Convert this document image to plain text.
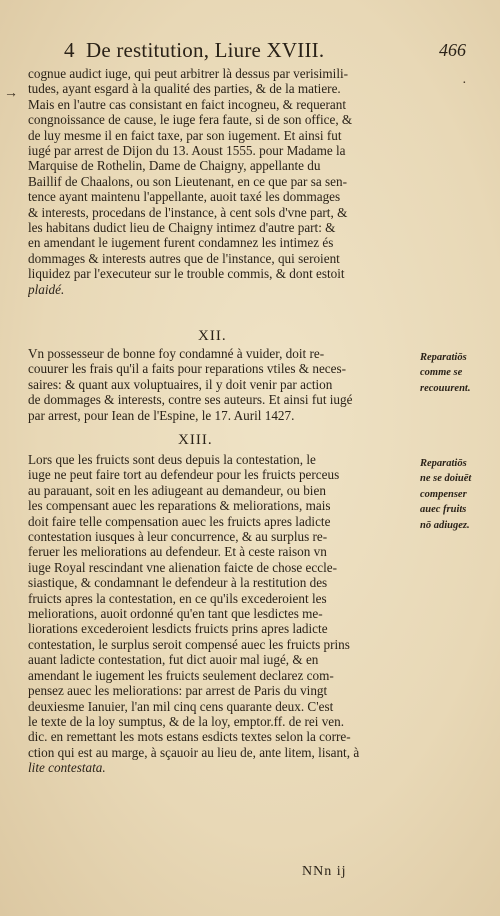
4 De restitution, Liure XVIII.	466
→
·
cognue audict iuge, qui peut arbitrer là dessus par verisimili-
tudes, ayant esgard à la qualité des parties, & de la matiere.
Mais en l'autre cas consistant en faict incogneu, & requerant
congnoissance de cause, le iuge fera faute, si de son office, &
de luy mesme il en faict taxe, par son iugement. Et ainsi fut
iugé par arrest de Dijon du 13. Aoust 1555. pour Madame la
Marquise de Rothelin, Dame de Chaigny, appellante du
Baillif de Chaalons, ou son Lieutenant, en ce que par sa sen-
tence ayant maintenu l'appellante, auoit taxé les dommages
& interests, procedans de l'instance, à cent sols d'vne part, &
les habitans dudict lieu de Chaigny intimez d'autre part: &
en amendant le iugement furent condamnez les intimez és
dommages & interests autres que de l'instance, qui seroient
liquidez par l'executeur sur le trouble commis, & dont estoit
plaidé.
XII.
Vn possesseur de bonne foy condamné à vuider, doit re-
couurer les frais qu'il a faits pour reparations vtiles & neces-
saires: & quant aux voluptuaires, il y doit venir par action
de dommages & interests, contre ses auteurs. Et ainsi fut iugé
par arrest, pour Iean de l'Espine, le 17. Auril 1427.
Reparatiōs
comme se
recouurent.
XIII.
Lors que les fruicts sont deus depuis la contestation, le
iuge ne peut faire tort au defendeur pour les fruicts perceus
au parauant, soit en les adiugeant au demandeur, ou bien
les compensant auec les reparations & meliorations, mais
doit faire telle compensation auec les fruicts apres ladicte
contestation iusques à leur concurrence, & au surplus re-
feruer les meliorations au defendeur. Et à ceste raison vn
iuge Royal rescindant vne alienation faicte de chose eccle-
siastique, & condamnant le defendeur à la restitution des
fruicts apres la contestation, en ce qu'ils excederoient les
meliorations, auoit ordonné qu'en tant que lesdictes me-
liorations excederoient lesdicts fruicts prins apres ladicte
contestation, le surplus seroit compensé auec les fruicts prins
auant ladicte contestation, fut dict auoir mal iugé, & en
amendant le iugement les fruicts seulement declarez com-
pensez auec les meliorations: par arrest de Paris du vingt
deuxiesme Ianuier, l'an mil cinq cens quarante deux. C'est
le texte de la loy sumptus, & de la loy, emptor.ff. de rei ven.
dic. en remettant les mots estans esdicts textes selon la corre-
ction qui est au marge, à sçauoir au lieu de, ante litem, lisant, à
lite contestata.
Reparatiōs
ne se doiuēt
compenser
auec fruits
nō adiugez.
NNn ij
